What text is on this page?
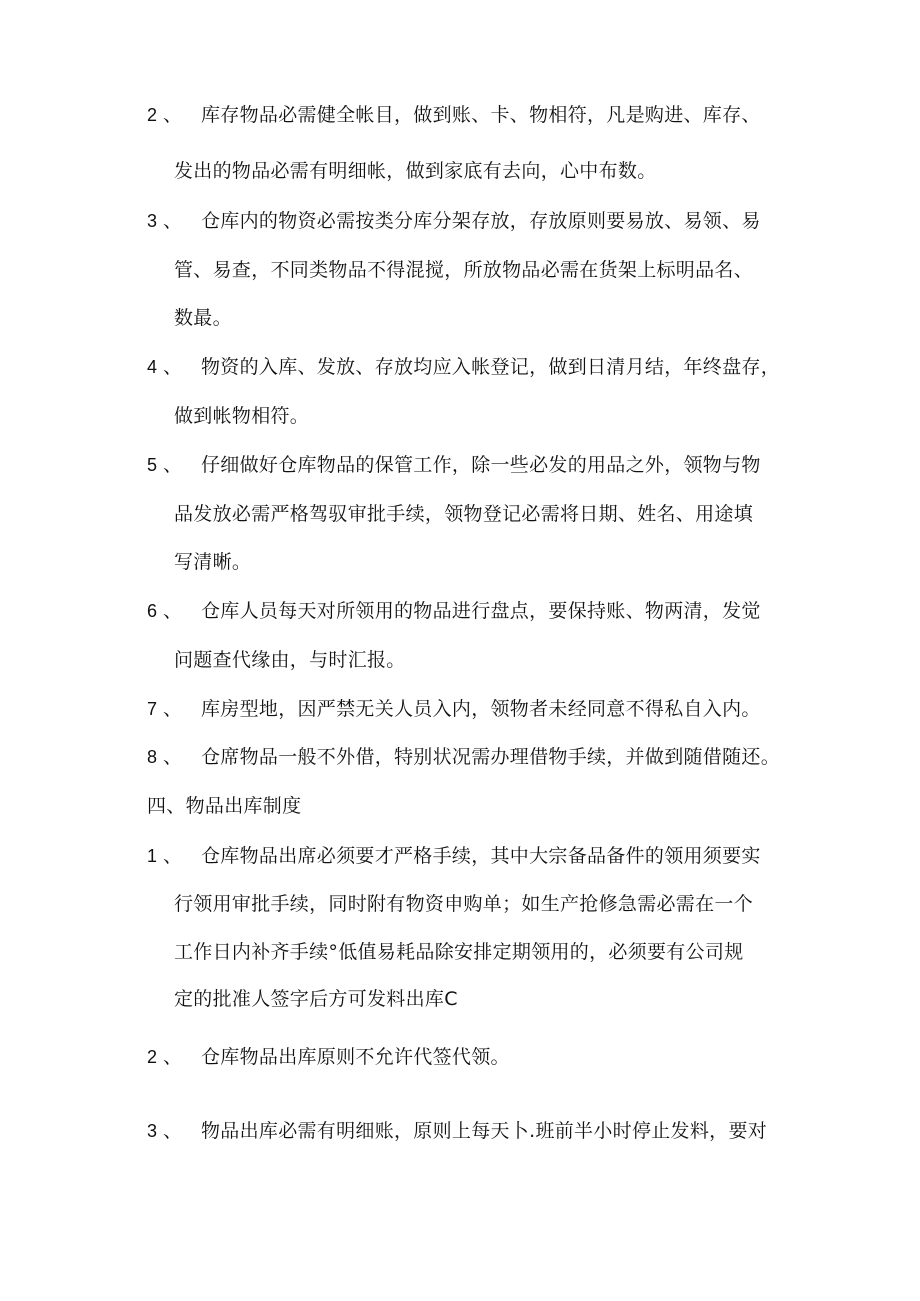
2 、 库存物品必需健全帐目，做到账、卡、物相符，凡是购进、库存、
发出的物品必需有明细帐，做到家底有去向，心中布数。
3 、 仓库内的物资必需按类分库分架存放，存放原则要易放、易领、易
管、易查，不同类物品不得混搅，所放物品必需在货架上标明品名、
数最。
4 、 物资的入库、发放、存放均应入帐登记，做到日清月结，年终盘存，
做到帐物相符。
5 、 仔细做好仓库物品的保管工作，除一些必发的用品之外，领物与物
品发放必需严格驾驭审批手续，领物登记必需将日期、姓名、用途填
写清晰。
6 、 仓库人员每天对所领用的物品进行盘点，要保持账、物两清，发觉
问题查代缘由，与时汇报。
7 、 库房型地，因严禁无关人员入内，领物者未经同意不得私自入内。
8 、 仓席物品一般不外借，特别状况需办理借物手续，并做到随借随还。
四、物品出库制度
1 、 仓库物品出席必须要才严格手续，其中大宗备品备件的领用须要实
行领用审批手续，同时附有物资申购单；如生产抢修急需必需在一个
工作日内补齐手续°低值易耗品除安排定期领用的，必须要有公司规
定的批准人签字后方可发料出库C
2 、 仓库物品出库原则不允许代签代领。
3 、 物品出库必需有明细账，原则上每天卜.班前半小时停止发料，要对
